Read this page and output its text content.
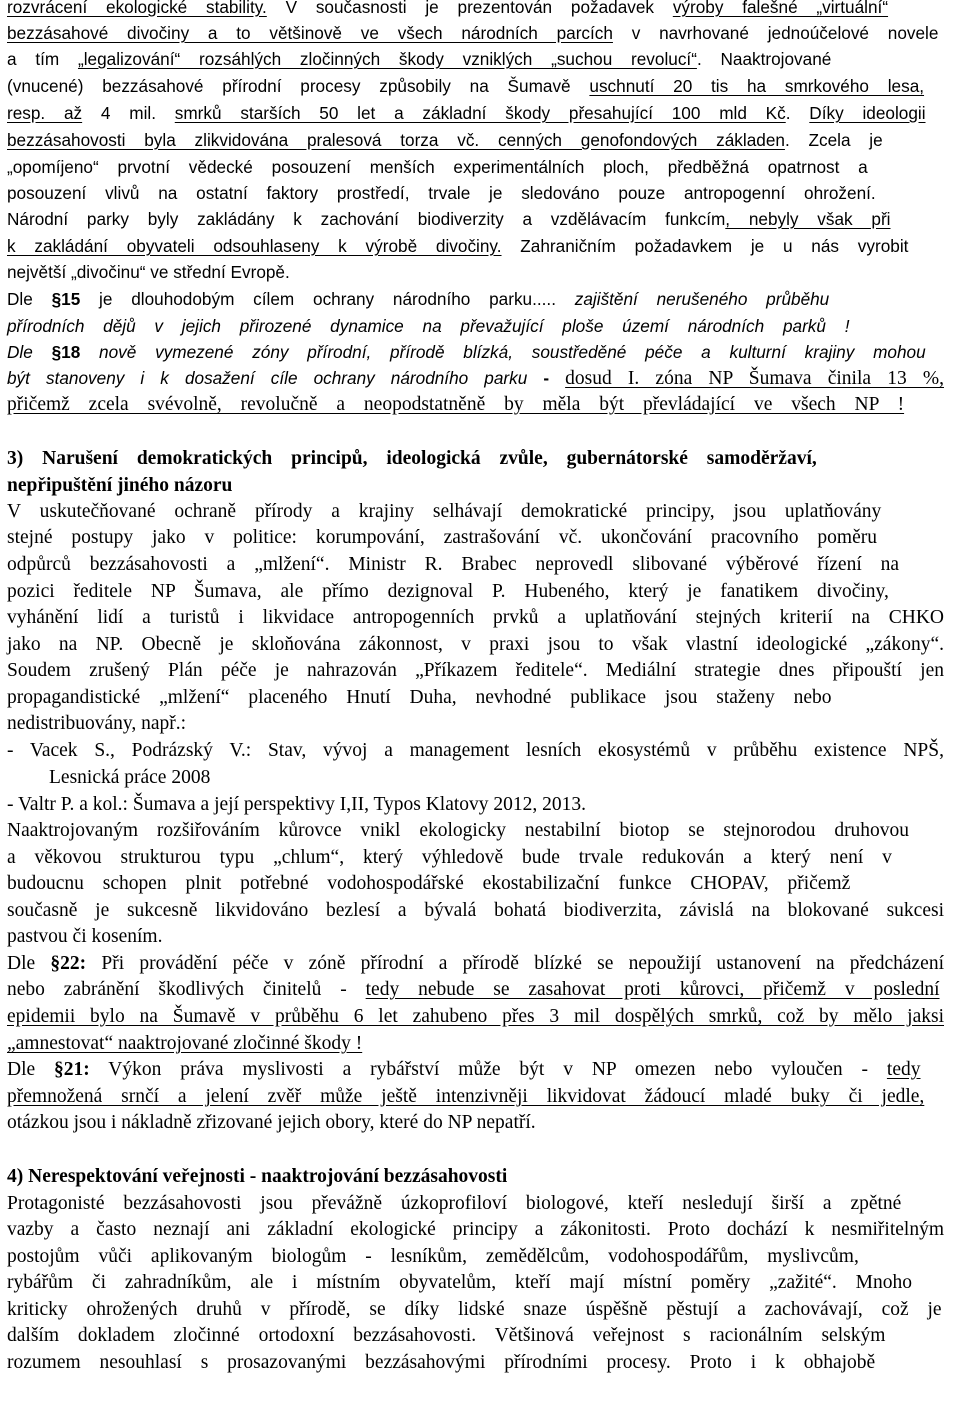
rozvrácení ekologické stability. V současnosti je prezentován požadavek výroby falešné „virtuální“
bezzásahové divočiny a to většinově ve všech národních parcích v navrhované jednoúčelové novele
a tím „legalizování“ rozsáhlých zločinných škody vzniklých „suchou revolucí“. Naaktrojované
(vnucené) bezzásahové přírodní procesy způsobily na Šumavě uschnutí 20 tis ha smrkového lesa,
resp. až 4 mil. smrků starších 50 let a základní škody přesahující 100 mld Kč. Díky ideologii
bezzásahovosti byla zlikvidována pralesová torza vč. cenných genofondových základen. Zcela je
„opomíjeno“ prvotní vědecké posouzení menších experimentálních ploch, předběžná opatrnost a
posouzení vlivů na ostatní faktory prostředí, trvale je sledováno pouze antropogenní ohrožení.
Národní parky byly zakládány k zachování biodiverzity a vzdělávacím funkcím, nebyly však při
k zakládání obyvateli odsouhlaseny k výrobě divočiny. Zahraničním požadavkem je u nás vyrobit
největší „divočinu“ ve střední Evropě.
Dle §15 je dlouhodobým cílem ochrany národního parku..... zajištění nerušeného průběhu
přírodních dějů v jejich přirozené dynamice na převažující ploše území národních parků !
Dle §18 nově vymezené zóny přírodní, přírodě blízká, soustředěné péče a kulturní krajiny mohou
být stanoveny i k dosažení cíle ochrany národního parku - dosud I. zóna NP Šumava činila 13 %,
přičemž zcela svévolně, revolučně a neopodstatněně by měla být převládající ve všech NP !
3) Narušení demokratických principů, ideologická zvůle, gubernátorské samoděržaví,
nepřipuštění jiného názoru
V uskutečňované ochraně přírody a krajiny selhávají demokratické principy, jsou uplatňovány
stejné postupy jako v politice: korumpování, zastrašování vč. ukončování pracovního poměru
odpůrců bezzásahovosti a „mlžení“. Ministr R. Brabec neprovedl slibované výběrové řízení na
pozici ředitele NP Šumava, ale přímo dezignoval P. Hubeného, který je fanatikem divočiny,
vyhánění lidí a turistů i likvidace antropogenních prvků a uplatňování stejných kriterií na CHKO
jako na NP. Obecně je skloňována zákonnost, v praxi jsou to však vlastní ideologické „zákony“.
Soudem zrušený Plán péče je nahrazován „Příkazem ředitele“. Mediální strategie dnes připouští jen
propagandistické „mlžení“ placeného Hnutí Duha, nevhodné publikace jsou staženy nebo
nedistribuovány, např.:
- Vacek S., Podrázský V.: Stav, vývoj a management lesních ekosystémů v průběhu existence NPŠ,
Lesnická práce 2008
- Valtr P. a kol.: Šumava a její perspektivy I,II, Typos Klatovy 2012, 2013.
Naaktrojovaným rozšiřováním kůrovce vnikl ekologicky nestabilní biotop se stejnorodou druhovou
a věkovou strukturou typu „chlum“, který výhledově bude trvale redukován a který není v
budoucnu schopen plnit potřebné vodohospodářské ekostabilizační funkce CHOPAV, přičemž
současně je sukcesně likvidováno bezlesí a bývalá bohatá biodiverzita, závislá na blokované sukcesi
pastvou či kosením.
Dle §22: Při provádění péče v zóně přírodní a přírodě blízké se nepoužijí ustanovení na předcházení
nebo zabránění škodlivých činitelů - tedy nebude se zasahovat proti kůrovci, přičemž v poslední
epidemii bylo na Šumavě v průběhu 6 let zahubeno přes 3 mil dospělých smrků, což by mělo jaksi
„amnestovat“ naaktrojované zločinné škody !
Dle §21: Výkon práva myslivosti a rybářství může být v NP omezen nebo vyloučen - tedy
přemnožená srnčí a jelení zvěř může ještě intenzivněji likvidovat žádoucí mladé buky či jedle,
otázkou jsou i nákladně zřizované jejich obory, které do NP nepatří.
4) Nerespektování veřejnosti - naaktrojování bezzásahovosti
Protagonisté bezzásahovosti jsou převážně úzkoprofiloví biologové, kteří nesledují širší a zpětné
vazby a často neznají ani základní ekologické principy a zákonitosti. Proto dochází k nesmiřitelným
postojům vůči aplikovaným biologům - lesníkům, zemědělcům, vodohospodářům, myslivcům,
rybářům či zahradníkům, ale i místním obyvatelům, kteří mají místní poměry „zažité“. Mnoho
kriticky ohrožených druhů v přírodě, se díky lidské snaze úspěšně pěstují a zachovávají, což je
dalším dokladem zločinné ortodoxní bezzásahovosti. Většinová veřejnost s racionálním selským
rozumem nesouhlasí s prosazovanými bezzásahovými přírodními procesy. Proto i k obhajobě
